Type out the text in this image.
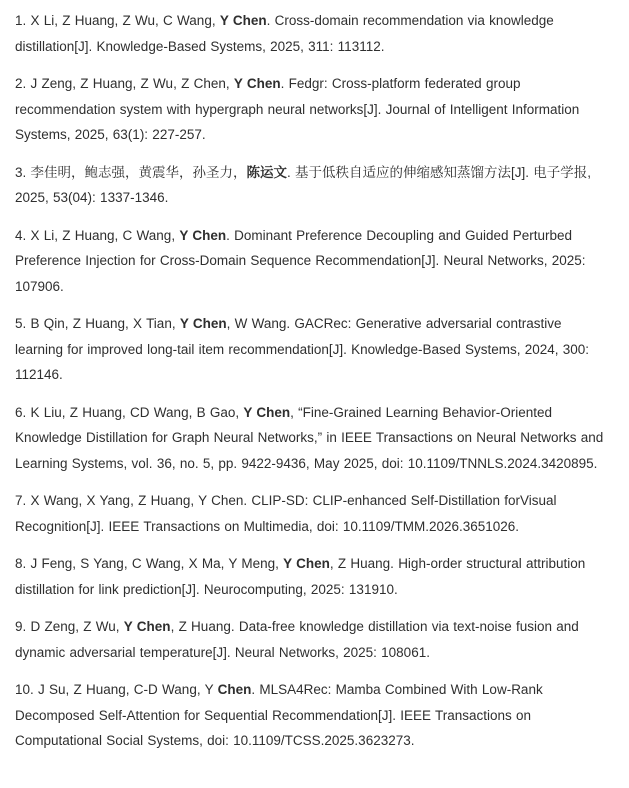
1. X Li, Z Huang, Z Wu, C Wang, Y Chen. Cross-domain recommendation via knowledge distillation[J]. Knowledge-Based Systems, 2025, 311: 113112.

2. J Zeng, Z Huang, Z Wu, Z Chen, Y Chen. Fedgr: Cross-platform federated group recommendation system with hypergraph neural networks[J]. Journal of Intelligent Information Systems, 2025, 63(1): 227-257.

3. 李佳明，鲍志强，黄震华，孙圣力，陈运文. 基于低秩自适应的伸缩感知蒸馏方法[J]. 电子学报, 2025, 53(04): 1337-1346.

4. X Li, Z Huang, C Wang, Y Chen. Dominant Preference Decoupling and Guided Perturbed Preference Injection for Cross-Domain Sequence Recommendation[J]. Neural Networks, 2025: 107906.

5. B Qin, Z Huang, X Tian, Y Chen, W Wang. GACRec: Generative adversarial contrastive learning for improved long-tail item recommendation[J]. Knowledge-Based Systems, 2024, 300: 112146.

6. K Liu, Z Huang, CD Wang, B Gao, Y Chen, “Fine-Grained Learning Behavior-Oriented Knowledge Distillation for Graph Neural Networks,” in IEEE Transactions on Neural Networks and Learning Systems, vol. 36, no. 5, pp. 9422-9436, May 2025, doi: 10.1109/TNNLS.2024.3420895.

7. X Wang, X Yang, Z Huang, Y Chen. CLIP-SD: CLIP-enhanced Self-Distillation forVisual Recognition[J]. IEEE Transactions on Multimedia, doi: 10.1109/TMM.2026.3651026.

8. J Feng, S Yang, C Wang, X Ma, Y Meng, Y Chen, Z Huang. High-order structural attribution distillation for link prediction[J]. Neurocomputing, 2025: 131910.

9. D Zeng, Z Wu, Y Chen, Z Huang. Data-free knowledge distillation via text-noise fusion and dynamic adversarial temperature[J]. Neural Networks, 2025: 108061.

10. J Su, Z Huang, C-D Wang, Y Chen. MLSA4Rec: Mamba Combined With Low-Rank Decomposed Self-Attention for Sequential Recommendation[J]. IEEE Transactions on Computational Social Systems, doi: 10.1109/TCSS.2025.3623273.
